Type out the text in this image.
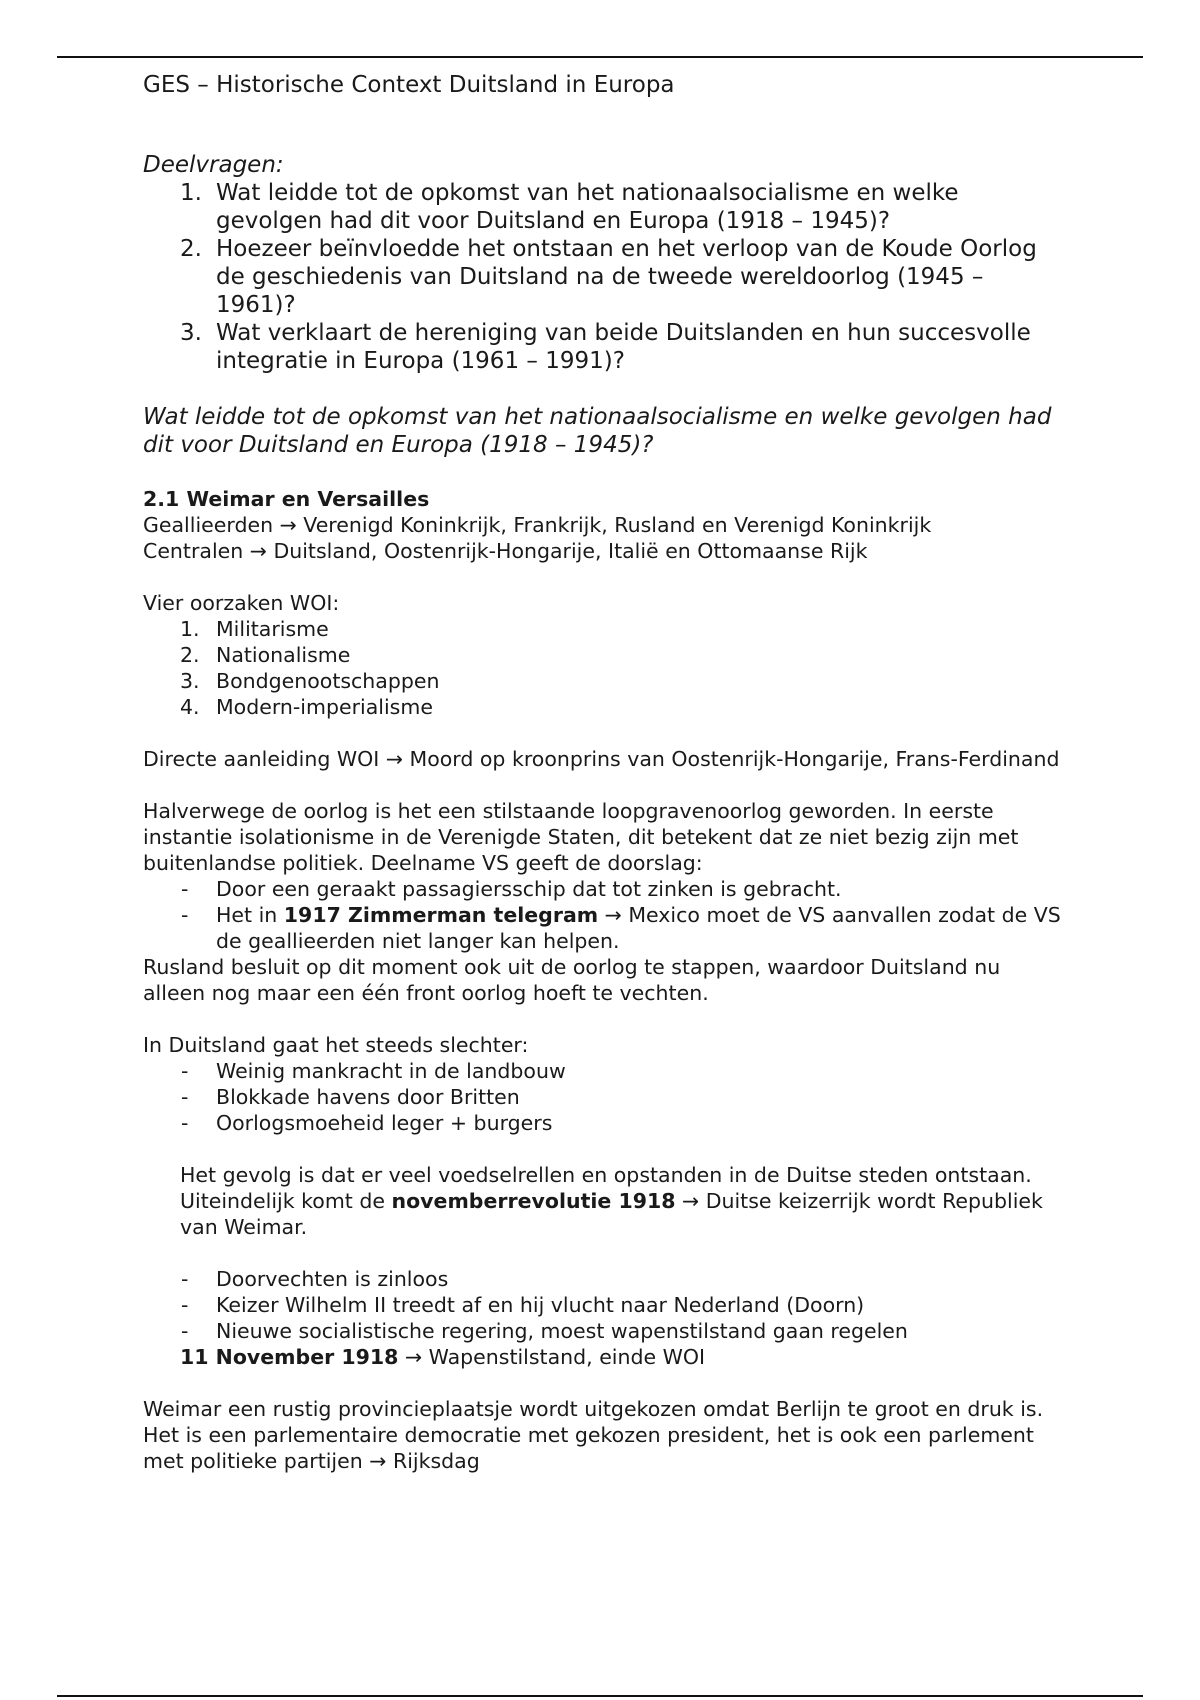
GES – Historische Context Duitsland in Europa

Deelvragen:

1. Wat leidde tot de opkomst van het nationaalsocialisme en welke gevolgen had dit voor Duitsland en Europa (1918 – 1945)?
2. Hoezeer beïnvloedde het ontstaan en het verloop van de Koude Oorlog de geschiedenis van Duitsland na de tweede wereldoorlog (1945 – 1961)?
3. Wat verklaart de hereniging van beide Duitslanden en hun succesvolle integratie in Europa (1961 – 1991)?

Wat leidde tot de opkomst van het nationaalsocialisme en welke gevolgen had dit voor Duitsland en Europa (1918 – 1945)?

2.1 Weimar en Versailles

Geallieerden → Verenigd Koninkrijk, Frankrijk, Rusland en Verenigd Koninkrijk

Centralen → Duitsland, Oostenrijk-Hongarije, Italië en Ottomaanse Rijk

Vier oorzaken WOI:

1. Militarisme
2. Nationalisme
3. Bondgenootschappen
4. Modern-imperialisme

Directe aanleiding WOI → Moord op kroonprins van Oostenrijk-Hongarije, Frans-Ferdinand

Halverwege de oorlog is het een stilstaande loopgravenoorlog geworden. In eerste instantie isolationisme in de Verenigde Staten, dit betekent dat ze niet bezig zijn met buitenlandse politiek. Deelname VS geeft de doorslag:

- Door een geraakt passagiersschip dat tot zinken is gebracht.
- Het in 1917 Zimmerman telegram → Mexico moet de VS aanvallen zodat de VS de geallieerden niet langer kan helpen.

Rusland besluit op dit moment ook uit de oorlog te stappen, waardoor Duitsland nu alleen nog maar een één front oorlog hoeft te vechten.

In Duitsland gaat het steeds slechter:

- Weinig mankracht in de landbouw
- Blokkade havens door Britten
- Oorlogsmoeheid leger + burgers

Het gevolg is dat er veel voedselrellen en opstanden in de Duitse steden ontstaan. Uiteindelijk komt de novemberrevolutie 1918 → Duitse keizerrijk wordt Republiek van Weimar.

- Doorvechten is zinloos
- Keizer Wilhelm II treedt af en hij vlucht naar Nederland (Doorn)
- Nieuwe socialistische regering, moest wapenstilstand gaan regelen

11 November 1918 → Wapenstilstand, einde WOI

Weimar een rustig provincieplaatsje wordt uitgekozen omdat Berlijn te groot en druk is. Het is een parlementaire democratie met gekozen president, het is ook een parlement met politieke partijen → Rijksdag
